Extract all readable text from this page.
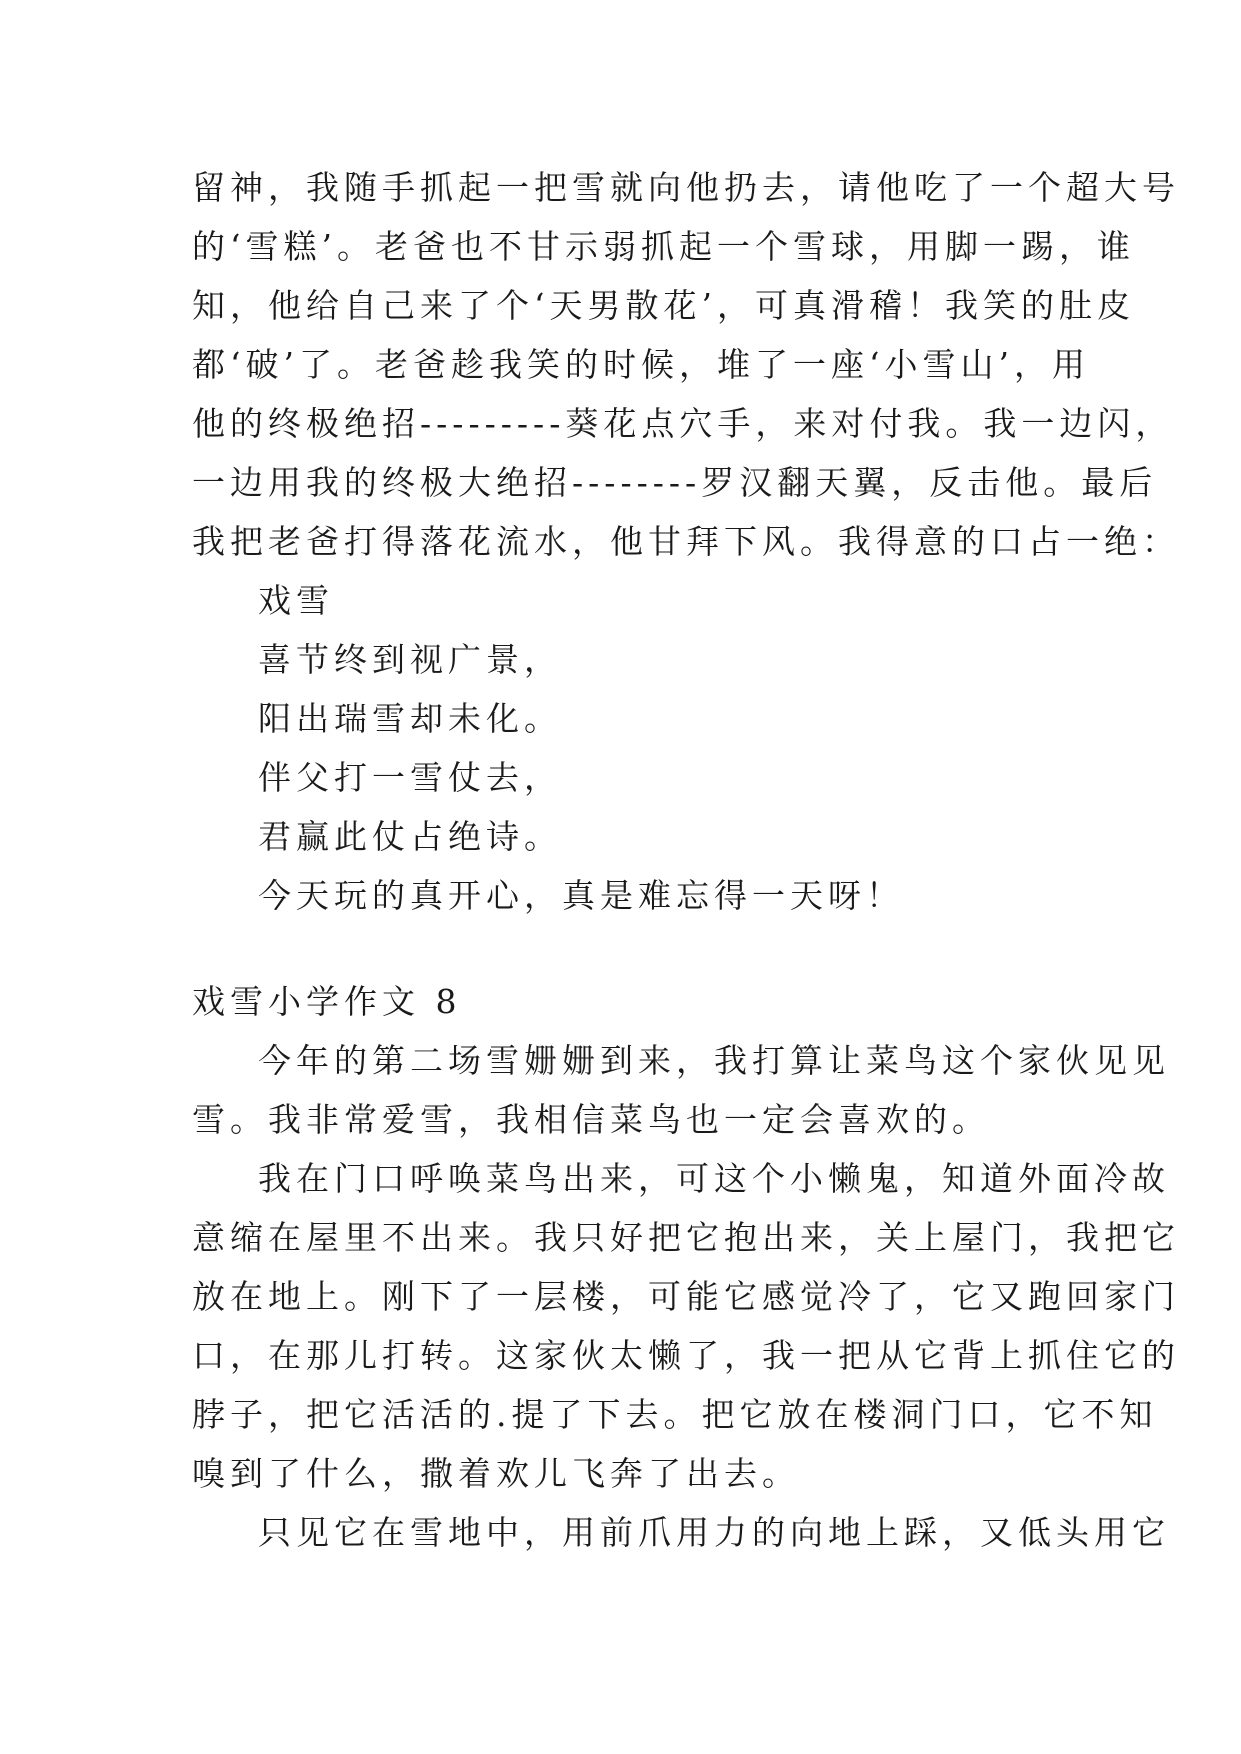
留神，我随手抓起一把雪就向他扔去，请他吃了一个超大号
的‘雪糕’。老爸也不甘示弱抓起一个雪球，用脚一踢，谁
知，他给自己来了个‘天男散花’，可真滑稽！我笑的肚皮
都‘破’了。老爸趁我笑的时候，堆了一座‘小雪山’，用
他的终极绝招---------葵花点穴手，来对付我。我一边闪，
一边用我的终极大绝招--------罗汉翻天翼，反击他。最后
我把老爸打得落花流水，他甘拜下风。我得意的口占一绝：
戏雪
喜节终到视广景，
阳出瑞雪却未化。
伴父打一雪仗去，
君赢此仗占绝诗。
今天玩的真开心，真是难忘得一天呀！
戏雪小学作文 8
今年的第二场雪姗姗到来，我打算让菜鸟这个家伙见见
雪。我非常爱雪，我相信菜鸟也一定会喜欢的。
我在门口呼唤菜鸟出来，可这个小懒鬼，知道外面冷故
意缩在屋里不出来。我只好把它抱出来，关上屋门，我把它
放在地上。刚下了一层楼，可能它感觉冷了，它又跑回家门
口，在那儿打转。这家伙太懒了，我一把从它背上抓住它的
脖子，把它活活的.提了下去。把它放在楼洞门口，它不知
嗅到了什么，撒着欢儿飞奔了出去。
只见它在雪地中，用前爪用力的向地上踩，又低头用它
